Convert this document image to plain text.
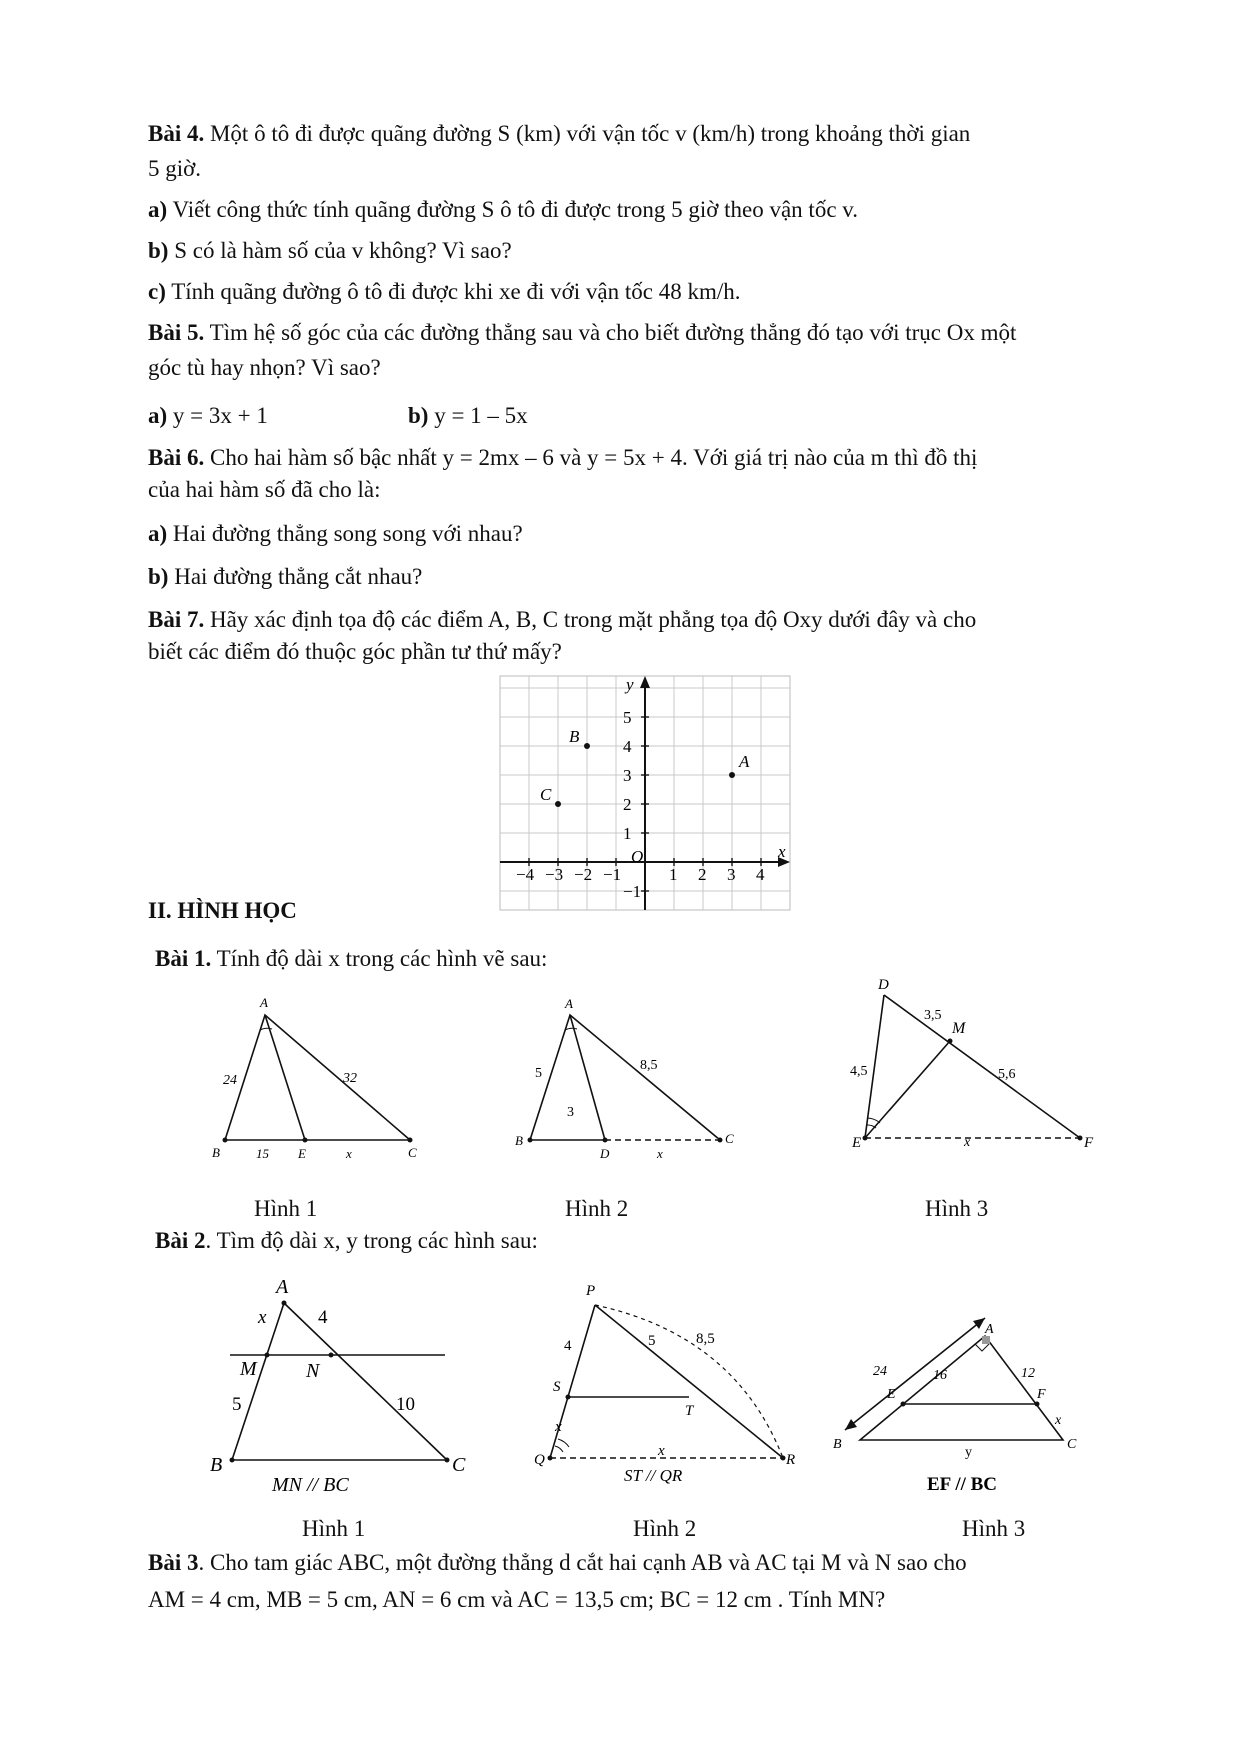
Bài 4. Một ô tô đi được quãng đường S (km) với vận tốc v (km/h) trong khoảng thời gian
5 giờ.
a) Viết công thức tính quãng đường S ô tô đi được trong 5 giờ theo vận tốc v.
b) S có là hàm số của v không? Vì sao?
c) Tính quãng đường ô tô đi được khi xe đi với vận tốc 48 km/h.
Bài 5. Tìm hệ số góc của các đường thẳng sau và cho biết đường thẳng đó tạo với trục Ox một
góc tù hay nhọn? Vì sao?
a) y = 3x + 1	b) y = 1 – 5x
Bài 6. Cho hai hàm số bậc nhất y = 2mx – 6 và y = 5x + 4. Với giá trị nào của m thì đồ thị
của hai hàm số đã cho là:
a) Hai đường thẳng song song với nhau?
b) Hai đường thẳng cắt nhau?
Bài 7. Hãy xác định tọa độ các điểm A, B, C trong mặt phẳng tọa độ Oxy dưới đây và cho
biết các điểm đó thuộc góc phần tư thứ mấy?
y
x
O
5
4
3
2
1
−1
−4 −3 −2 −1	1 2 3 4
A
B
C
II. HÌNH HỌC
Bài 1. Tính độ dài x trong các hình vẽ sau:
A
B	E	C
24	32
15	x
Hình 1
A
B
D
C
5
8,5
3
x
Hình 2
D
M
E	F
3,5
4,5	5,6
x
Hình 3
Bài 2. Tìm độ dài x, y trong các hình sau:
A
M N
B	C
x	4
5	10
MN // BC
Hình 1
P
S
T
Q	R
4	5	8,5
x
x
ST // QR
Hình 2
A
E	F
B	C
24	16	12
x
y
EF // BC
Hình 3
Bài 3. Cho tam giác ABC, một đường thẳng d cắt hai cạnh AB và AC tại M và N sao cho
AM = 4 cm, MB = 5 cm, AN = 6 cm và AC = 13,5 cm; BC = 12 cm . Tính MN?
